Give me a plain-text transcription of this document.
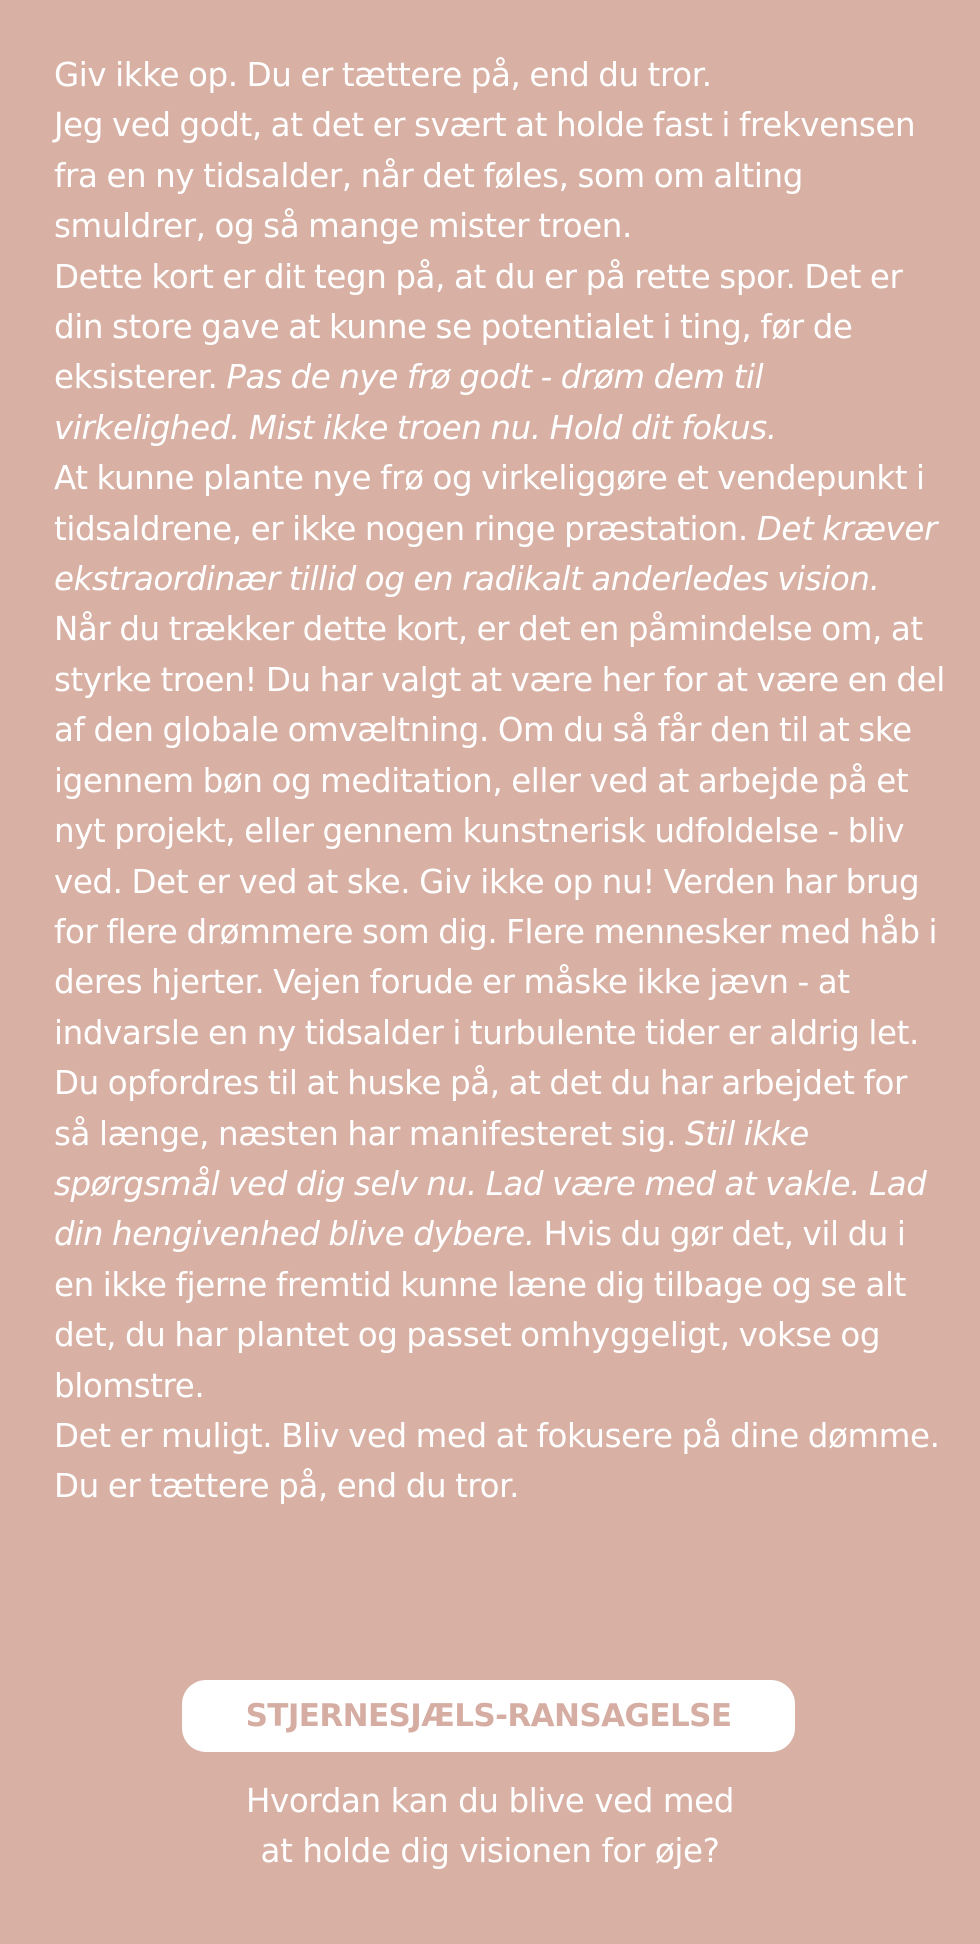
Giv ikke op. Du er tættere på, end du tror.

Jeg ved godt, at det er svært at holde fast i frekvensen fra en ny tidsalder, når det føles, som om alting smuldrer, og så mange mister troen.

Dette kort er dit tegn på, at du er på rette spor. Det er din store gave at kunne se potentialet i ting, før de eksisterer. Pas de nye frø godt - drøm dem til virkelighed. Mist ikke troen nu. Hold dit fokus.

At kunne plante nye frø og virkeliggøre et vendepunkt i tidsaldrene, er ikke nogen ringe præstation. Det kræver ekstraordinær tillid og en radikalt anderledes vision.

Når du trækker dette kort, er det en påmindelse om, at styrke troen! Du har valgt at være her for at være en del af den globale omvæltning. Om du så får den til at ske igennem bøn og meditation, eller ved at arbejde på et nyt projekt, eller gennem kunstnerisk udfoldelse - bliv ved. Det er ved at ske. Giv ikke op nu! Verden har brug for flere drømmere som dig. Flere mennesker med håb i deres hjerter. Vejen forude er måske ikke jævn - at indvarsle en ny tidsalder i turbulente tider er aldrig let. Du opfordres til at huske på, at det du har arbejdet for så længe, næsten har manifesteret sig. Stil ikke spørgsmål ved dig selv nu. Lad være med at vakle. Lad din hengivenhed blive dybere. Hvis du gør det, vil du i en ikke fjerne fremtid kunne læne dig tilbage og se alt det, du har plantet og passet omhyggeligt, vokse og blomstre.

Det er muligt. Bliv ved med at fokusere på dine dømme. Du er tættere på, end du tror.

STJERNESJÆLS-RANSAGELSE
Hvordan kan du blive ved med
at holde dig visionen for øje?
